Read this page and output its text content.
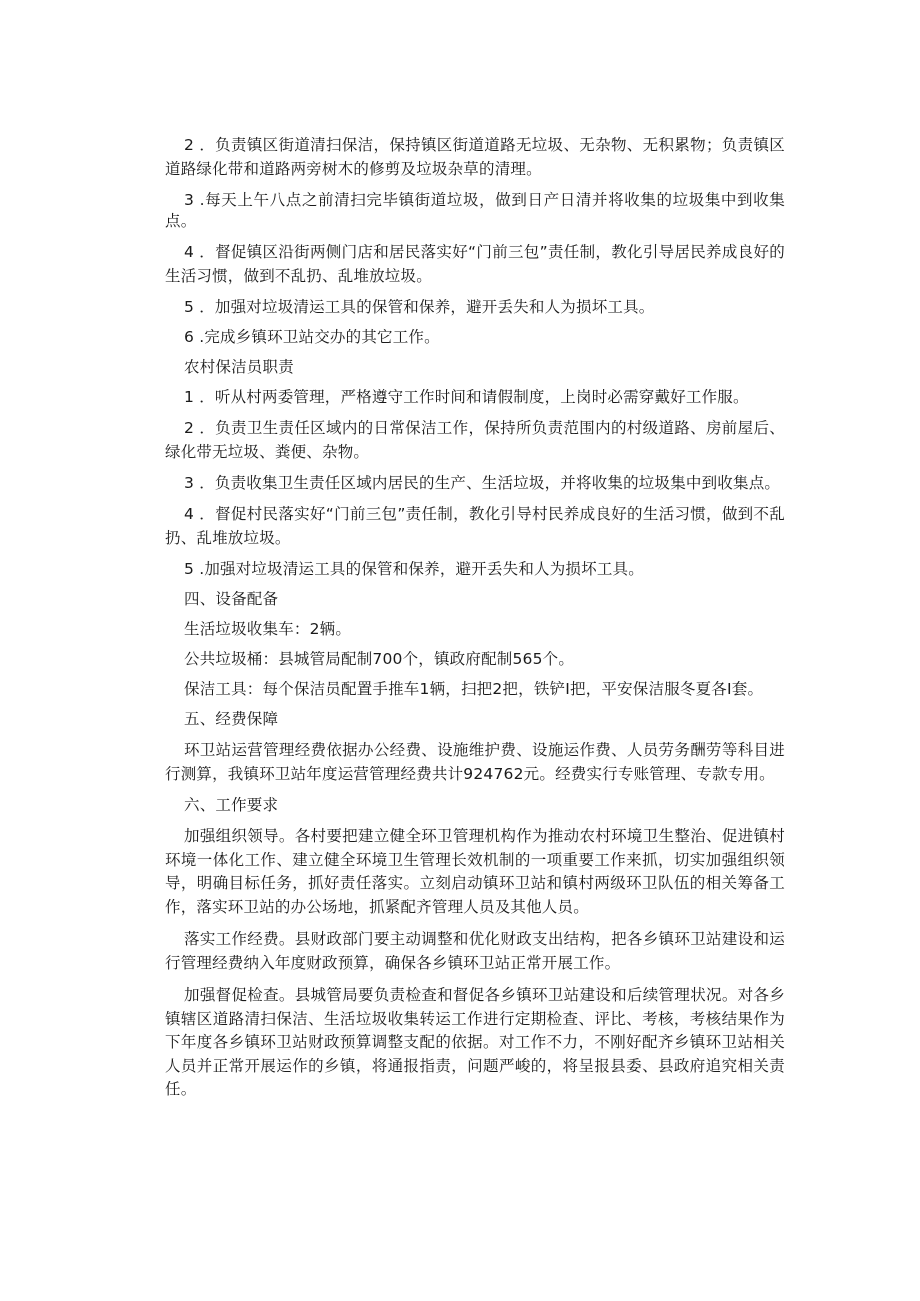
2 ．负责镇区街道清扫保洁，保持镇区街道道路无垃圾、无杂物、无积累物；负责镇区道路绿化带和道路两旁树木的修剪及垃圾杂草的清理。

3 .每天上午八点之前清扫完毕镇街道垃圾，做到日产日清并将收集的垃圾集中到收集点。

4 ．督促镇区沿街两侧门店和居民落实好“门前三包”责任制，教化引导居民养成良好的生活习惯，做到不乱扔、乱堆放垃圾。

5 ．加强对垃圾清运工具的保管和保养，避开丢失和人为损坏工具。

6 .完成乡镇环卫站交办的其它工作。

农村保洁员职责

1 ．听从村两委管理，严格遵守工作时间和请假制度，上岗时必需穿戴好工作服。

2 ．负责卫生责任区域内的日常保洁工作，保持所负责范围内的村级道路、房前屋后、绿化带无垃圾、粪便、杂物。

3 ．负责收集卫生责任区域内居民的生产、生活垃圾，并将收集的垃圾集中到收集点。

4 ．督促村民落实好“门前三包”责任制，教化引导村民养成良好的生活习惯，做到不乱扔、乱堆放垃圾。

5 .加强对垃圾清运工具的保管和保养，避开丢失和人为损坏工具。

四、设备配备

生活垃圾收集车：2辆。

公共垃圾桶：县城管局配制700个，镇政府配制565个。

保洁工具：每个保洁员配置手推车1辆，扫把2把，铁铲I把，平安保洁服冬夏各I套。

五、经费保障

环卫站运营管理经费依据办公经费、设施维护费、设施运作费、人员劳务酬劳等科目进行测算，我镇环卫站年度运营管理经费共计924762元。经费实行专账管理、专款专用。

六、工作要求

加强组织领导。各村要把建立健全环卫管理机构作为推动农村环境卫生整治、促进镇村环境一体化工作、建立健全环境卫生管理长效机制的一项重要工作来抓，切实加强组织领导，明确目标任务，抓好责任落实。立刻启动镇环卫站和镇村两级环卫队伍的相关筹备工作，落实环卫站的办公场地，抓紧配齐管理人员及其他人员。

落实工作经费。县财政部门要主动调整和优化财政支出结构，把各乡镇环卫站建设和运行管理经费纳入年度财政预算，确保各乡镇环卫站正常开展工作。

加强督促检查。县城管局要负责检查和督促各乡镇环卫站建设和后续管理状况。对各乡镇辖区道路清扫保洁、生活垃圾收集转运工作进行定期检查、评比、考核，考核结果作为下年度各乡镇环卫站财政预算调整支配的依据。对工作不力，不刚好配齐乡镇环卫站相关人员并正常开展运作的乡镇，将通报指责，问题严峻的，将呈报县委、县政府追究相关责任。
